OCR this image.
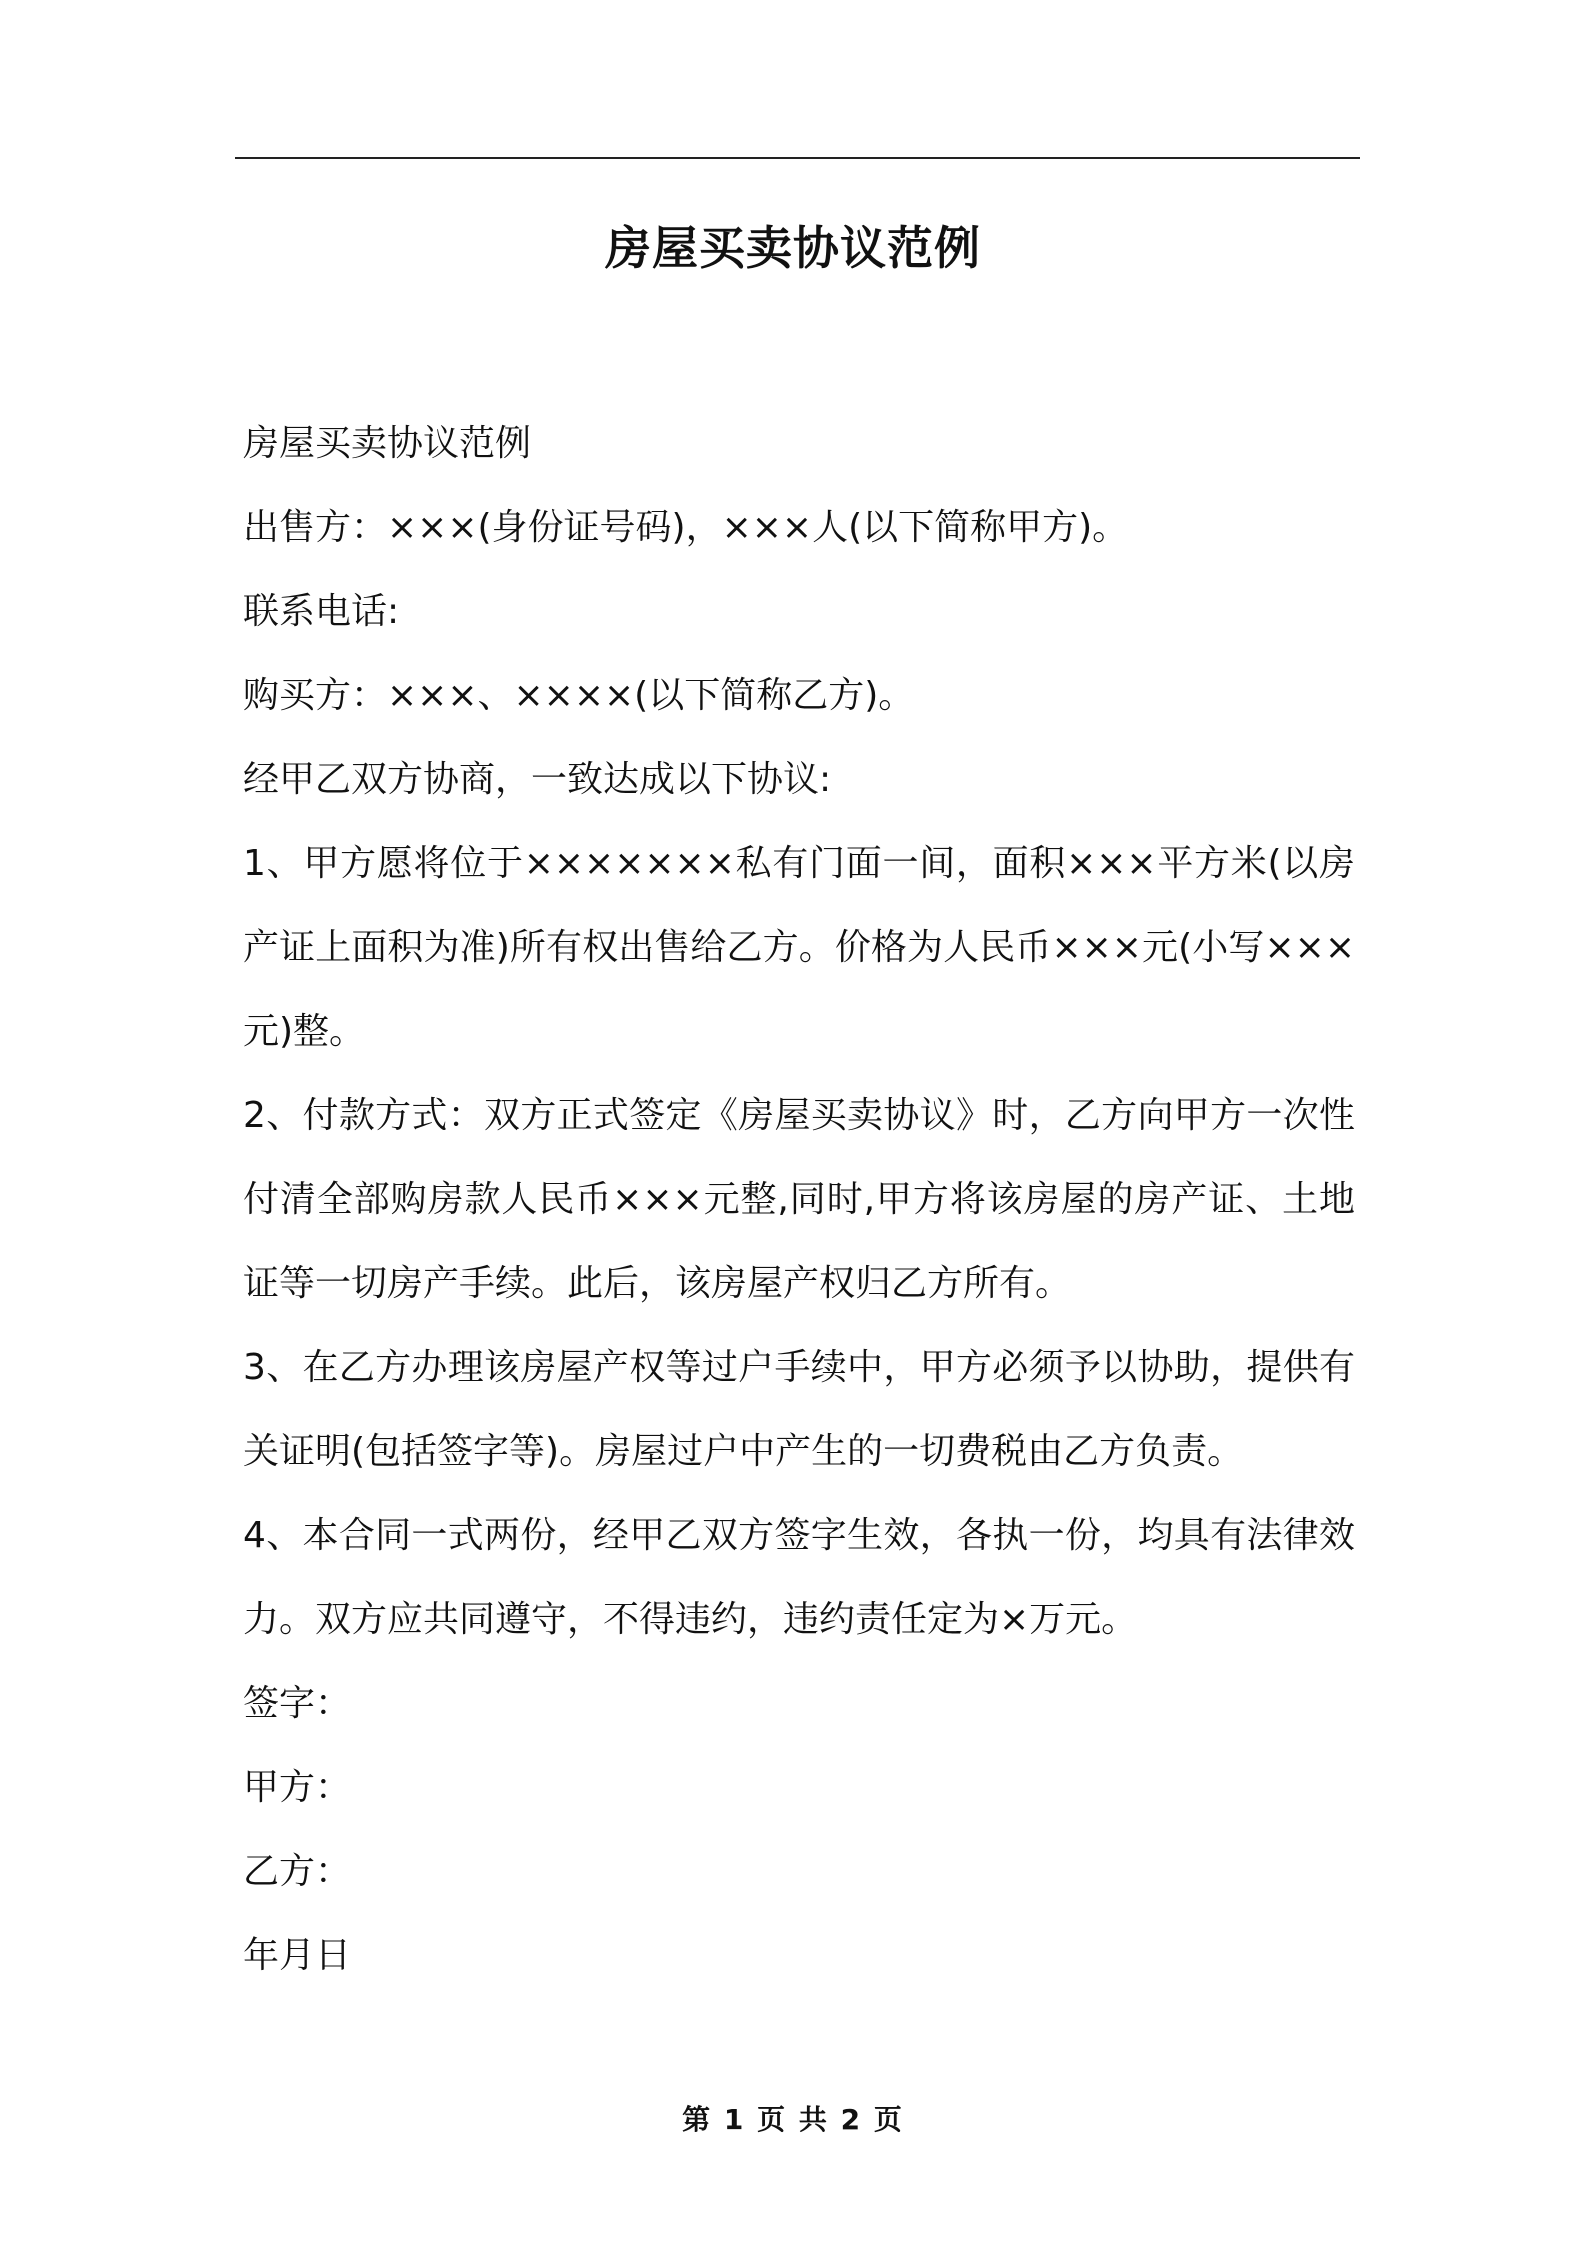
房屋买卖协议范例

房屋买卖协议范例

出售方：×××(身份证号码)，×××人(以下简称甲方)。

联系电话:

购买方：×××、××××(以下简称乙方)。

经甲乙双方协商，一致达成以下协议:

1、甲方愿将位于×××××××私有门面一间，面积×××平方米(以房产证上面积为准)所有权出售给乙方。价格为人民币×××元(小写×××元)整。

2、付款方式：双方正式签定《房屋买卖协议》时，乙方向甲方一次性付清全部购房款人民币×××元整,同时,甲方将该房屋的房产证、土地证等一切房产手续。此后，该房屋产权归乙方所有。

3、在乙方办理该房屋产权等过户手续中，甲方必须予以协助，提供有关证明(包括签字等)。房屋过户中产生的一切费税由乙方负责。

4、本合同一式两份，经甲乙双方签字生效，各执一份，均具有法律效力。双方应共同遵守，不得违约，违约责任定为×万元。

签字：

甲方：

乙方：

年月日

第 1 页 共 2 页
